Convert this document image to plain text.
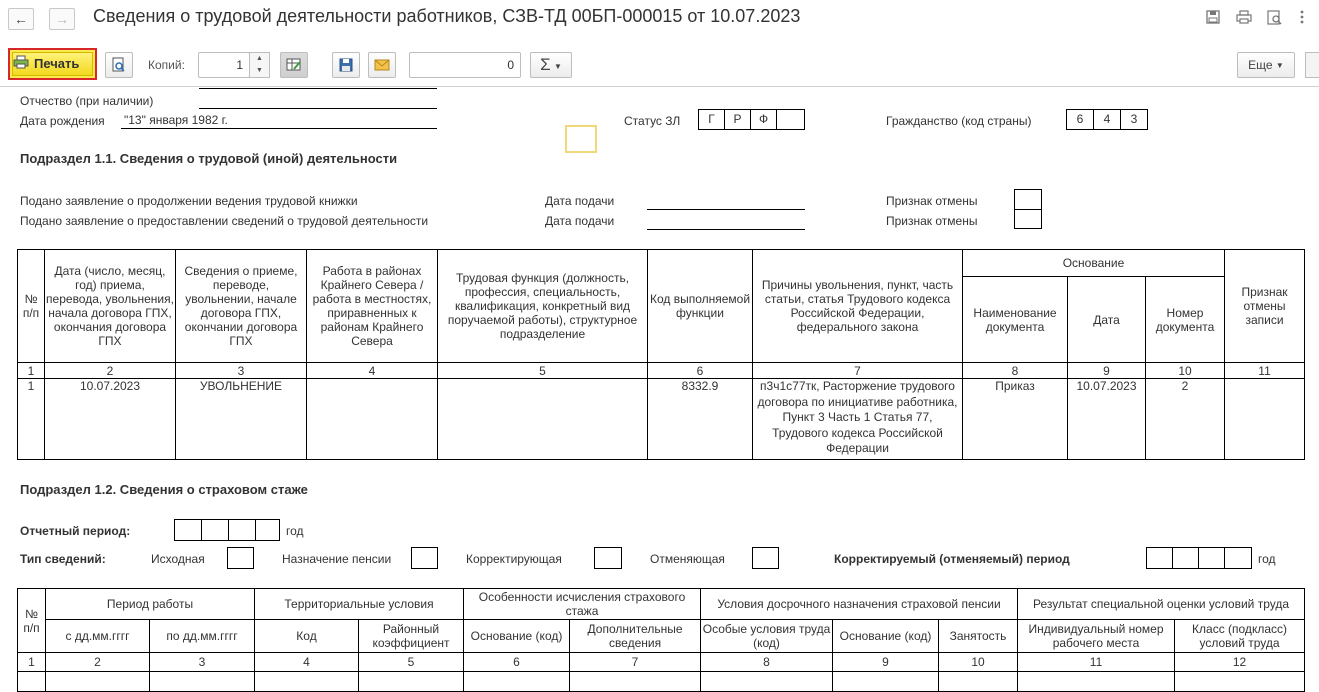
←	→	Сведения о трудовой деятельности работников, СЗВ-ТД 00БП-000015 от 10.07.2023
Печать	Копий:	1	▲
▼	0	Σ ▼	Еще ▼
Отчество (при наличии)
Дата рождения "13" января 1982 г.	Статус ЗЛ	Г	Р	Ф	Гражданство (код страны)	6	4	3
Подраздел 1.1. Сведения о трудовой (иной) деятельности
Подано заявление о продолжении ведения трудовой книжки	Дата подачи	Признак отмены
Подано заявление о предоставлении сведений о трудовой деятельности	Дата подачи	Признак отмены
№ п/п	Дата (число, месяц, год) приема, перевода, увольнения, начала договора ГПХ, окончания договора ГПХ	Сведения о приеме, переводе, увольнении, начале договора ГПХ, окончании договора ГПХ	Работа в районах Крайнего Севера / работа в местностях, приравненных к районам Крайнего Севера	Трудовая функция (должность, профессия, специальность, квалификация, конкретный вид поручаемой работы), структурное подразделение	Код выполняемой функции	Причины увольнения, пункт, часть статьи, статья Трудового кодекса Российской Федерации, федерального закона	Основание			Признак отмены записи
							Наименование документа	Дата	Номер документа	
1	2	3	4	5	6	7	8	9	10	11
1	10.07.2023	УВОЛЬНЕНИЕ			8332.9	п3ч1с77тк, Расторжение трудового договора по инициативе работника, Пункт 3 Часть 1 Статья 77, Трудового кодекса Российской Федерации	Приказ	10.07.2023	2	
Подраздел 1.2. Сведения о страховом стаже
Отчетный период:	год
Тип сведений:	Исходная	Назначение пенсии	Корректирующая	Отменяющая	Корректируемый (отменяемый) период	год
№ п/п	Период работы		Территориальные условия		Особенности исчисления страхового стажа		Условия досрочного назначения страховой пенсии			Результат специальной оценки условий труда	
	с дд.мм.гггг	по дд.мм.гггг	Код	Районный коэффициент	Основание (код)	Дополнительные сведения	Особые условия труда (код)	Основание (код)	Занятость	Индивидуальный номер рабочего места	Класс (подкласс) условий труда
1	2	3	4	5	6	7	8	9	10	11	12
